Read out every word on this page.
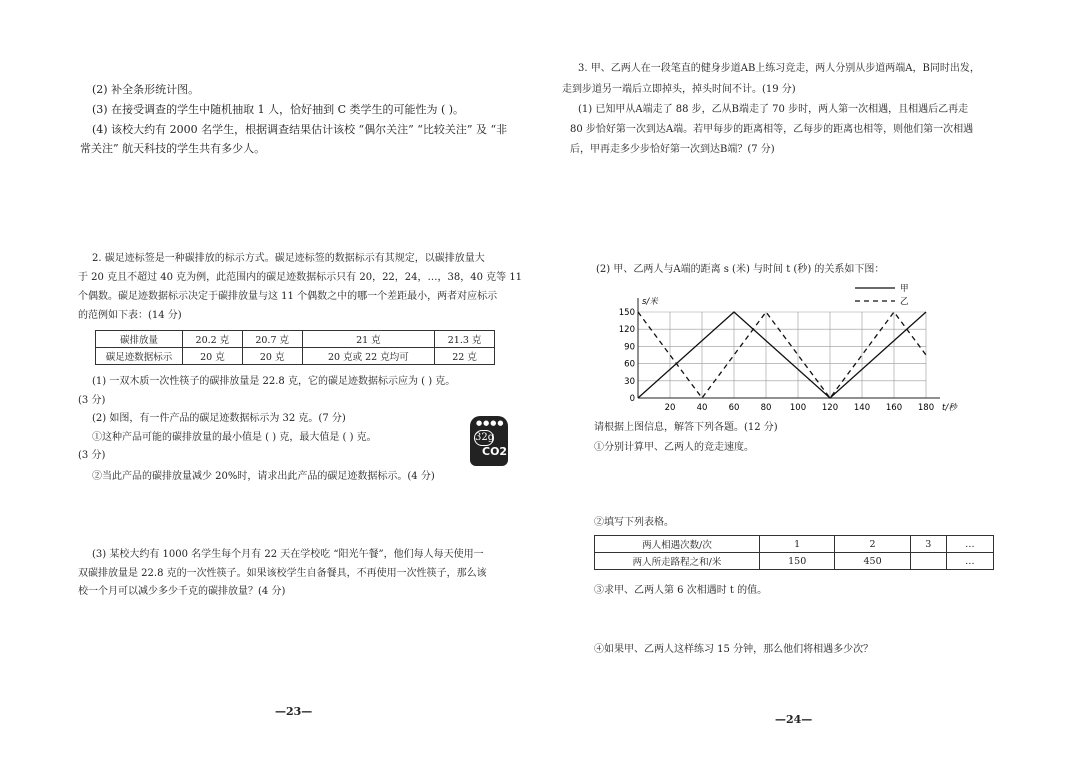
(2) 补全条形统计图。
(3) 在接受调查的学生中随机抽取 1 人，恰好抽到 C 类学生的可能性为 ( )。
(4) 该校大约有 2000 名学生，根据调查结果估计该校 “偶尔关注” “比较关注” 及 “非
常关注” 航天科技的学生共有多少人。
2. 碳足迹标签是一种碳排放的标示方式。碳足迹标签的数据标示有其规定，以碳排放量大
于 20 克且不超过 40 克为例，此范围内的碳足迹数据标示只有 20，22，24，…，38，40 克等 11
个偶数。碳足迹数据标示决定于碳排放量与这 11 个偶数之中的哪一个差距最小，两者对应标示
的范例如下表：(14 分)
碳排放量	20.2 克	20.7 克	21 克	21.3 克
碳足迹数据标示	20 克	20 克	20 克或 22 克均可	22 克
(1) 一双木质一次性筷子的碳排放量是 22.8 克，它的碳足迹数据标示应为 ( ) 克。
(3 分)
(2) 如图，有一件产品的碳足迹数据标示为 32 克。(7 分)
①这种产品可能的碳排放量的最小值是 ( ) 克，最大值是 ( ) 克。
(3 分)
②当此产品的碳排放量减少 20%时，请求出此产品的碳足迹数据标示。(4 分)
●●●●
32g
CO2
(3) 某校大约有 1000 名学生每个月有 22 天在学校吃 “阳光午餐”，他们每人每天使用一
双碳排放量是 22.8 克的一次性筷子。如果该校学生自备餐具，不再使用一次性筷子，那么该
校一个月可以减少多少千克的碳排放量？(4 分)
—23—
3. 甲、乙两人在一段笔直的健身步道AB上练习竞走，两人分别从步道两端A，B同时出发，
走到步道另一端后立即掉头，掉头时间不计。(19 分)
(1) 已知甲从A端走了 88 步，乙从B端走了 70 步时，两人第一次相遇，且相遇后乙再走
80 步恰好第一次到达A端。若甲每步的距离相等，乙每步的距离也相等，则他们第一次相遇
后，甲再走多少步恰好第一次到达B端？(7 分)
(2) 甲、乙两人与A端的距离 s (米) 与时间 t (秒) 的关系如下图：
20 40 60 80 100 120 140 160 180
0
30
60
90
120
150
t/秒
s/米
甲
乙
请根据上图信息，解答下列各题。(12 分)
①分别计算甲、乙两人的竞走速度。
②填写下列表格。
两人相遇次数/次	1	2	3	…
两人所走路程之和/米	150	450		…
③求甲、乙两人第 6 次相遇时 t 的值。
④如果甲、乙两人这样练习 15 分钟，那么他们将相遇多少次？
—24—
